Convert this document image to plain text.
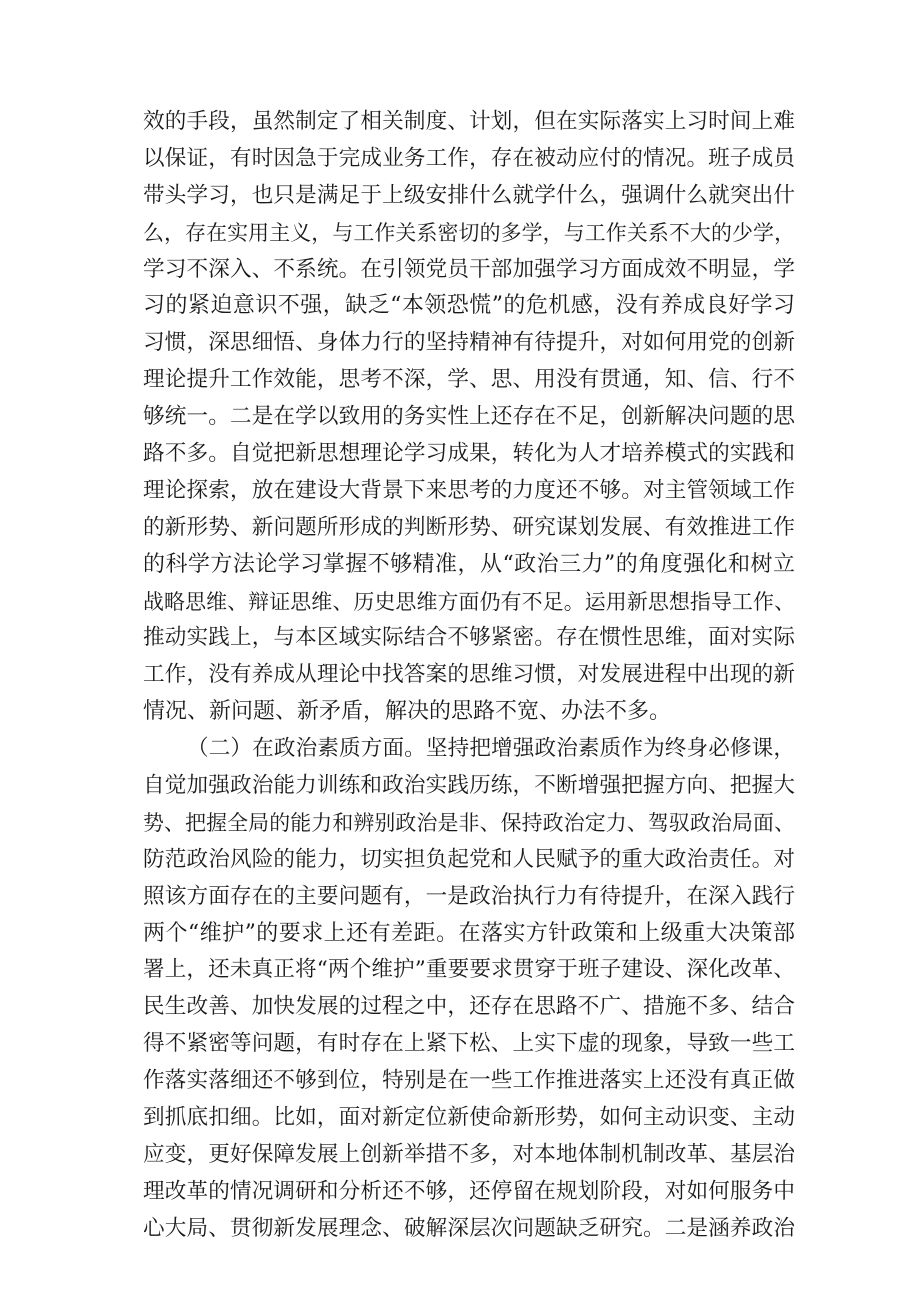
效的手段，虽然制定了相关制度、计划，但在实际落实上习时间上难
以保证，有时因急于完成业务工作，存在被动应付的情况。班子成员
带头学习，也只是满足于上级安排什么就学什么，强调什么就突出什
么，存在实用主义，与工作关系密切的多学，与工作关系不大的少学，
学习不深入、不系统。在引领党员干部加强学习方面成效不明显，学
习的紧迫意识不强，缺乏“本领恐慌”的危机感，没有养成良好学习
习惯，深思细悟、身体力行的坚持精神有待提升，对如何用党的创新
理论提升工作效能，思考不深，学、思、用没有贯通，知、信、行不
够统一。二是在学以致用的务实性上还存在不足，创新解决问题的思
路不多。自觉把新思想理论学习成果，转化为人才培养模式的实践和
理论探索，放在建设大背景下来思考的力度还不够。对主管领域工作
的新形势、新问题所形成的判断形势、研究谋划发展、有效推进工作
的科学方法论学习掌握不够精准，从“政治三力”的角度强化和树立
战略思维、辩证思维、历史思维方面仍有不足。运用新思想指导工作、
推动实践上，与本区域实际结合不够紧密。存在惯性思维，面对实际
工作，没有养成从理论中找答案的思维习惯，对发展进程中出现的新
情况、新问题、新矛盾，解决的思路不宽、办法不多。
（二）在政治素质方面。坚持把增强政治素质作为终身必修课，
自觉加强政治能力训练和政治实践历练，不断增强把握方向、把握大
势、把握全局的能力和辨别政治是非、保持政治定力、驾驭政治局面、
防范政治风险的能力，切实担负起党和人民赋予的重大政治责任。对
照该方面存在的主要问题有，一是政治执行力有待提升，在深入践行
两个“维护”的要求上还有差距。在落实方针政策和上级重大决策部
署上，还未真正将“两个维护”重要要求贯穿于班子建设、深化改革、
民生改善、加快发展的过程之中，还存在思路不广、措施不多、结合
得不紧密等问题，有时存在上紧下松、上实下虚的现象，导致一些工
作落实落细还不够到位，特别是在一些工作推进落实上还没有真正做
到抓底扣细。比如，面对新定位新使命新形势，如何主动识变、主动
应变，更好保障发展上创新举措不多，对本地体制机制改革、基层治
理改革的情况调研和分析还不够，还停留在规划阶段，对如何服务中
心大局、贯彻新发展理念、破解深层次问题缺乏研究。二是涵养政治
